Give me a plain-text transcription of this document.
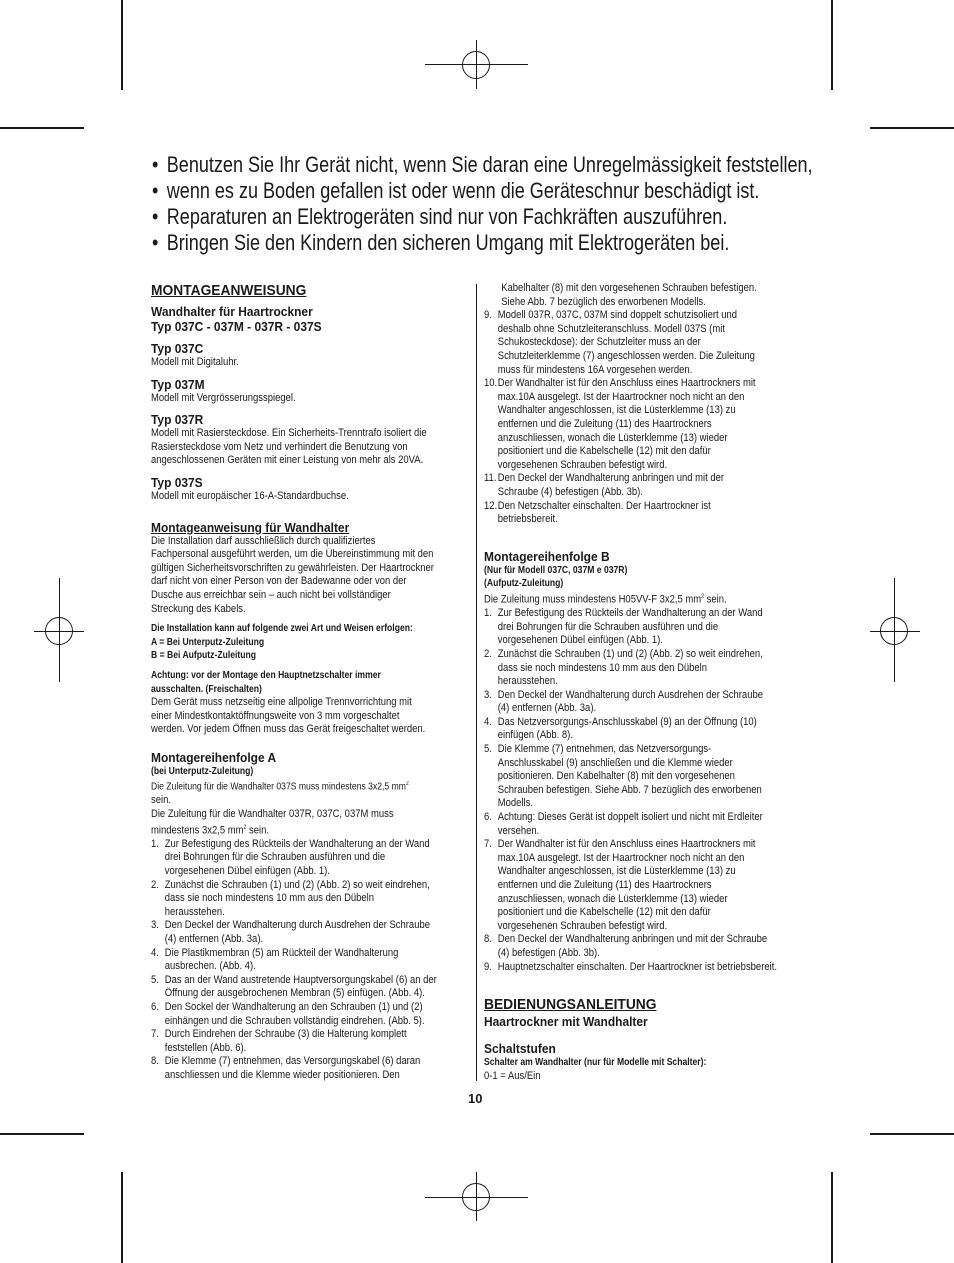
• Benutzen Sie Ihr Gerät nicht, wenn Sie daran eine Unregelmässigkeit feststellen,
• wenn es zu Boden gefallen ist oder wenn die Geräteschnur beschädigt ist.
• Reparaturen an Elektrogeräten sind nur von Fachkräften auszuführen.
• Bringen Sie den Kindern den sicheren Umgang mit Elektrogeräten bei.
MONTAGEANWEISUNG
Wandhalter für Haartrockner
Typ 037C - 037M - 037R - 037S
Typ 037C
Modell mit Digitaluhr.
Typ 037M
Modell mit Vergrösserungsspiegel.
Typ 037R
Modell mit Rasiersteckdose. Ein Sicherheits-Trenntrafo isoliert die
Rasiersteckdose vom Netz und verhindert die Benutzung von
angeschlossenen Geräten mit einer Leistung von mehr als 20VA.
Typ 037S
Modell mit europäischer 16-A-Standardbuchse.
Montageanweisung für Wandhalter
Die Installation darf ausschließlich durch qualifiziertes
Fachpersonal ausgeführt werden, um die Übereinstimmung mit den
gültigen Sicherheitsvorschriften zu gewährleisten. Der Haartrockner
darf nicht von einer Person von der Badewanne oder von der
Dusche aus erreichbar sein – auch nicht bei vollständiger
Streckung des Kabels.
Die Installation kann auf folgende zwei Art und Weisen erfolgen:
A = Bei Unterputz-Zuleitung
B = Bei Aufputz-Zuleitung
Achtung: vor der Montage den Hauptnetzschalter immer
ausschalten. (Freischalten)
Dem Gerät muss netzseitig eine allpolige Trennvorrichtung mit
einer Mindestkontaktöffnungsweite von 3 mm vorgeschaltet
werden. Vor jedem Öffnen muss das Gerät freigeschaltet werden.
Montagereihenfolge A
(bei Unterputz-Zuleitung)
Die Zuleitung für die Wandhalter 037S muss mindestens 3x2,5 $mm^2$
sein.
Die Zuleitung für die Wandhalter 037R, 037C, 037M muss
mindestens 3x2,5 $mm^2$ sein.
1. Zur Befestigung des Rückteils der Wandhalterung an der Wand
drei Bohrungen für die Schrauben ausführen und die
vorgesehenen Dübel einfügen (Abb. 1).
2. Zunächst die Schrauben (1) und (2) (Abb. 2) so weit eindrehen,
dass sie noch mindestens 10 mm aus den Dübeln
herausstehen.
3. Den Deckel der Wandhalterung durch Ausdrehen der Schraube
(4) entfernen (Abb. 3a).
4. Die Plastikmembran (5) am Rückteil der Wandhalterung
ausbrechen. (Abb. 4).
5. Das an der Wand austretende Hauptversorgungskabel (6) an der
Öffnung der ausgebrochenen Membran (5) einfügen. (Abb. 4).
6. Den Sockel der Wandhalterung an den Schrauben (1) und (2)
einhängen und die Schrauben vollständig eindrehen. (Abb. 5).
7. Durch Eindrehen der Schraube (3) die Halterung komplett
feststellen (Abb. 6).
8. Die Klemme (7) entnehmen, das Versorgungskabel (6) daran
anschliessen und die Klemme wieder positionieren. Den
Kabelhalter (8) mit den vorgesehenen Schrauben befestigen.
Siehe Abb. 7 bezüglich des erworbenen Modells.
9. Modell 037R, 037C, 037M sind doppelt schutzisoliert und
deshalb ohne Schutzleiteranschluss. Modell 037S (mit
Schukosteckdose): der Schutzleiter muss an der
Schutzleiterklemme (7) angeschlossen werden. Die Zuleitung
muss für mindestens 16A vorgesehen werden.
10. Der Wandhalter ist für den Anschluss eines Haartrockners mit
max.10A ausgelegt. Ist der Haartrockner noch nicht an den
Wandhalter angeschlossen, ist die Lüsterklemme (13) zu
entfernen und die Zuleitung (11) des Haartrockners
anzuschliessen, wonach die Lüsterklemme (13) wieder
positioniert und die Kabelschelle (12) mit den dafür
vorgesehenen Schrauben befestigt wird.
11. Den Deckel der Wandhalterung anbringen und mit der
Schraube (4) befestigen (Abb. 3b).
12. Den Netzschalter einschalten. Der Haartrockner ist
betriebsbereit.
Montagereihenfolge B
(Nur für Modell 037C, 037M e 037R)
(Aufputz-Zuleitung)
Die Zuleitung muss mindestens H05VV-F 3x2,5 $mm^2$ sein.
1. Zur Befestigung des Rückteils der Wandhalterung an der Wand
drei Bohrungen für die Schrauben ausführen und die
vorgesehenen Dübel einfügen (Abb. 1).
2. Zunächst die Schrauben (1) und (2) (Abb. 2) so weit eindrehen,
dass sie noch mindestens 10 mm aus den Dübeln
herausstehen.
3. Den Deckel der Wandhalterung durch Ausdrehen der Schraube
(4) entfernen (Abb. 3a).
4. Das Netzversorgungs-Anschlusskabel (9) an der Öffnung (10)
einfügen (Abb. 8).
5. Die Klemme (7) entnehmen, das Netzversorgungs-
Anschlusskabel (9) anschließen und die Klemme wieder
positionieren. Den Kabelhalter (8) mit den vorgesehenen
Schrauben befestigen. Siehe Abb. 7 bezüglich des erworbenen
Modells.
6. Achtung: Dieses Gerät ist doppelt isoliert und nicht mit Erdleiter
versehen.
7. Der Wandhalter ist für den Anschluss eines Haartrockners mit
max.10A ausgelegt. Ist der Haartrockner noch nicht an den
Wandhalter angeschlossen, ist die Lüsterklemme (13) zu
entfernen und die Zuleitung (11) des Haartrockners
anzuschliessen, wonach die Lüsterklemme (13) wieder
positioniert und die Kabelschelle (12) mit den dafür
vorgesehenen Schrauben befestigt wird.
8. Den Deckel der Wandhalterung anbringen und mit der Schraube
(4) befestigen (Abb. 3b).
9. Hauptnetzschalter einschalten. Der Haartrockner ist betriebsbereit.
BEDIENUNGSANLEITUNG
Haartrockner mit Wandhalter
Schaltstufen
Schalter am Wandhalter (nur für Modelle mit Schalter):
0-1 = Aus/Ein
10
